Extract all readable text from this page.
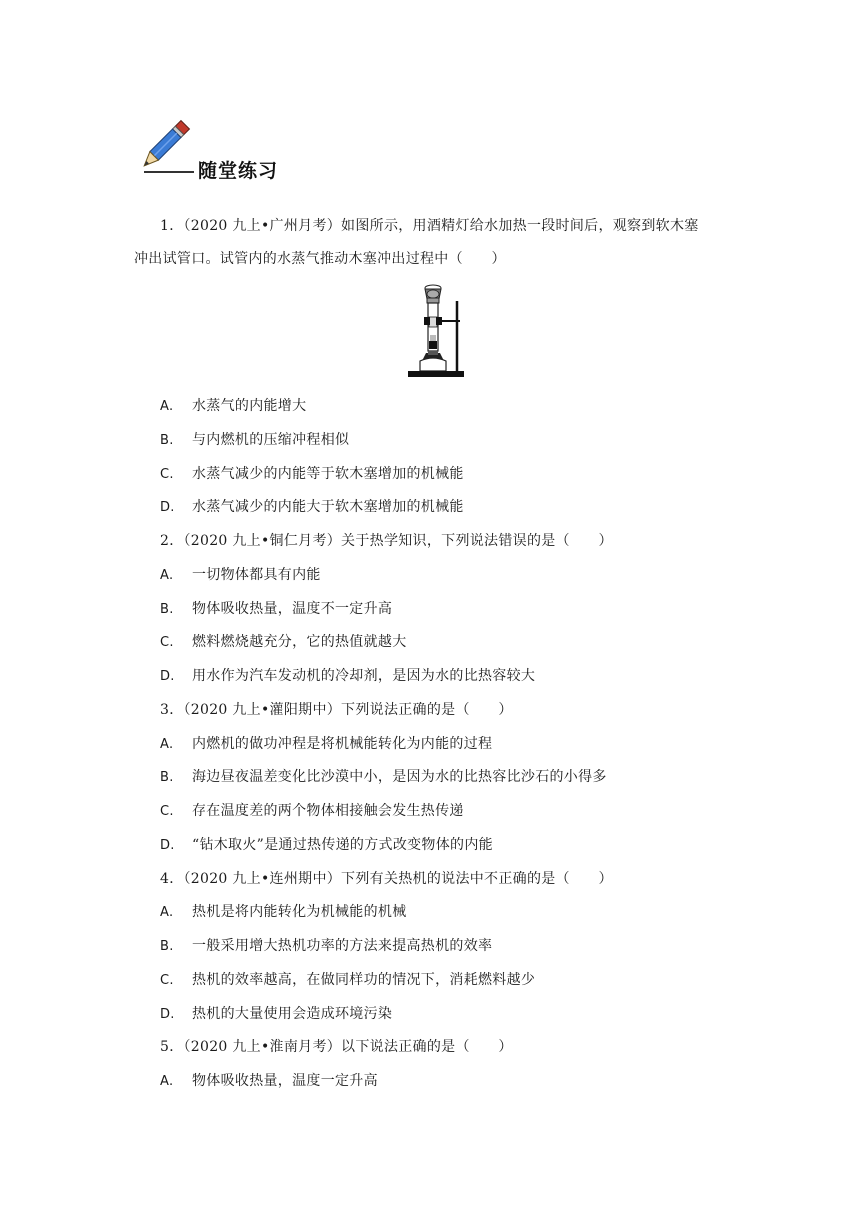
随堂练习
1．（2020 九上•广州月考）如图所示，用酒精灯给水加热一段时间后，观察到软木塞
冲出试管口。试管内的水蒸气推动木塞冲出过程中（　　）
A. 水蒸气的内能增大
B. 与内燃机的压缩冲程相似
C. 水蒸气减少的内能等于软木塞增加的机械能
D. 水蒸气减少的内能大于软木塞增加的机械能
2．（2020 九上•铜仁月考）关于热学知识，下列说法错误的是（　　）
A. 一切物体都具有内能
B. 物体吸收热量，温度不一定升高
C. 燃料燃烧越充分，它的热值就越大
D. 用水作为汽车发动机的冷却剂，是因为水的比热容较大
3．（2020 九上•灌阳期中）下列说法正确的是（　　）
A. 内燃机的做功冲程是将机械能转化为内能的过程
B. 海边昼夜温差变化比沙漠中小，是因为水的比热容比沙石的小得多
C. 存在温度差的两个物体相接触会发生热传递
D. “钻木取火”是通过热传递的方式改变物体的内能
4．（2020 九上•连州期中）下列有关热机的说法中不正确的是（　　）
A. 热机是将内能转化为机械能的机械
B. 一般采用增大热机功率的方法来提高热机的效率
C. 热机的效率越高，在做同样功的情况下，消耗燃料越少
D. 热机的大量使用会造成环境污染
5．（2020 九上•淮南月考）以下说法正确的是（　　）
A. 物体吸收热量，温度一定升高
